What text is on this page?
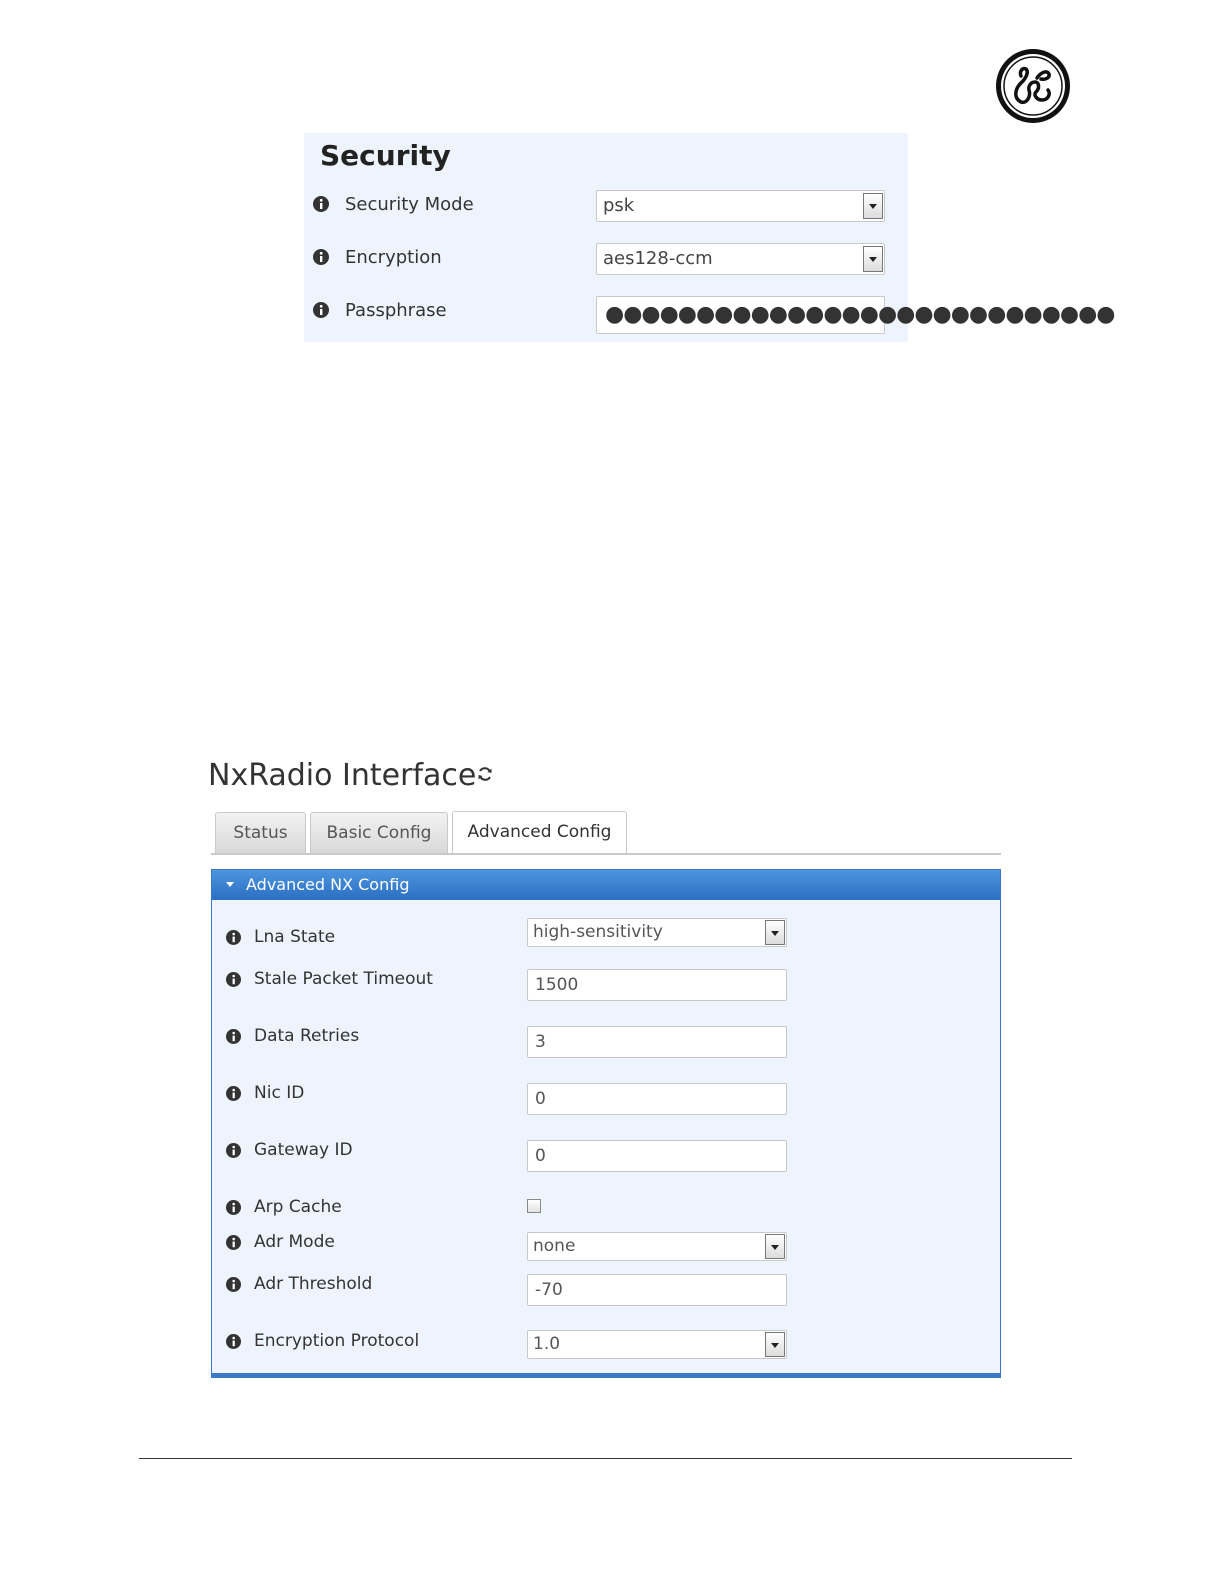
Security
Security Mode	psk
Encryption	aes128-ccm
Passphrase	●●●●●●●●●●●●●●●●●●●●●●●●●●●●
NxRadio Interface
Status	Basic Config	Advanced Config
Advanced NX Config
Lna State	high-sensitivity
Stale Packet Timeout	1500
Data Retries	3
Nic ID	0
Gateway ID	0
Arp Cache
Adr Mode	none
Adr Threshold	-70
Encryption Protocol	1.0
